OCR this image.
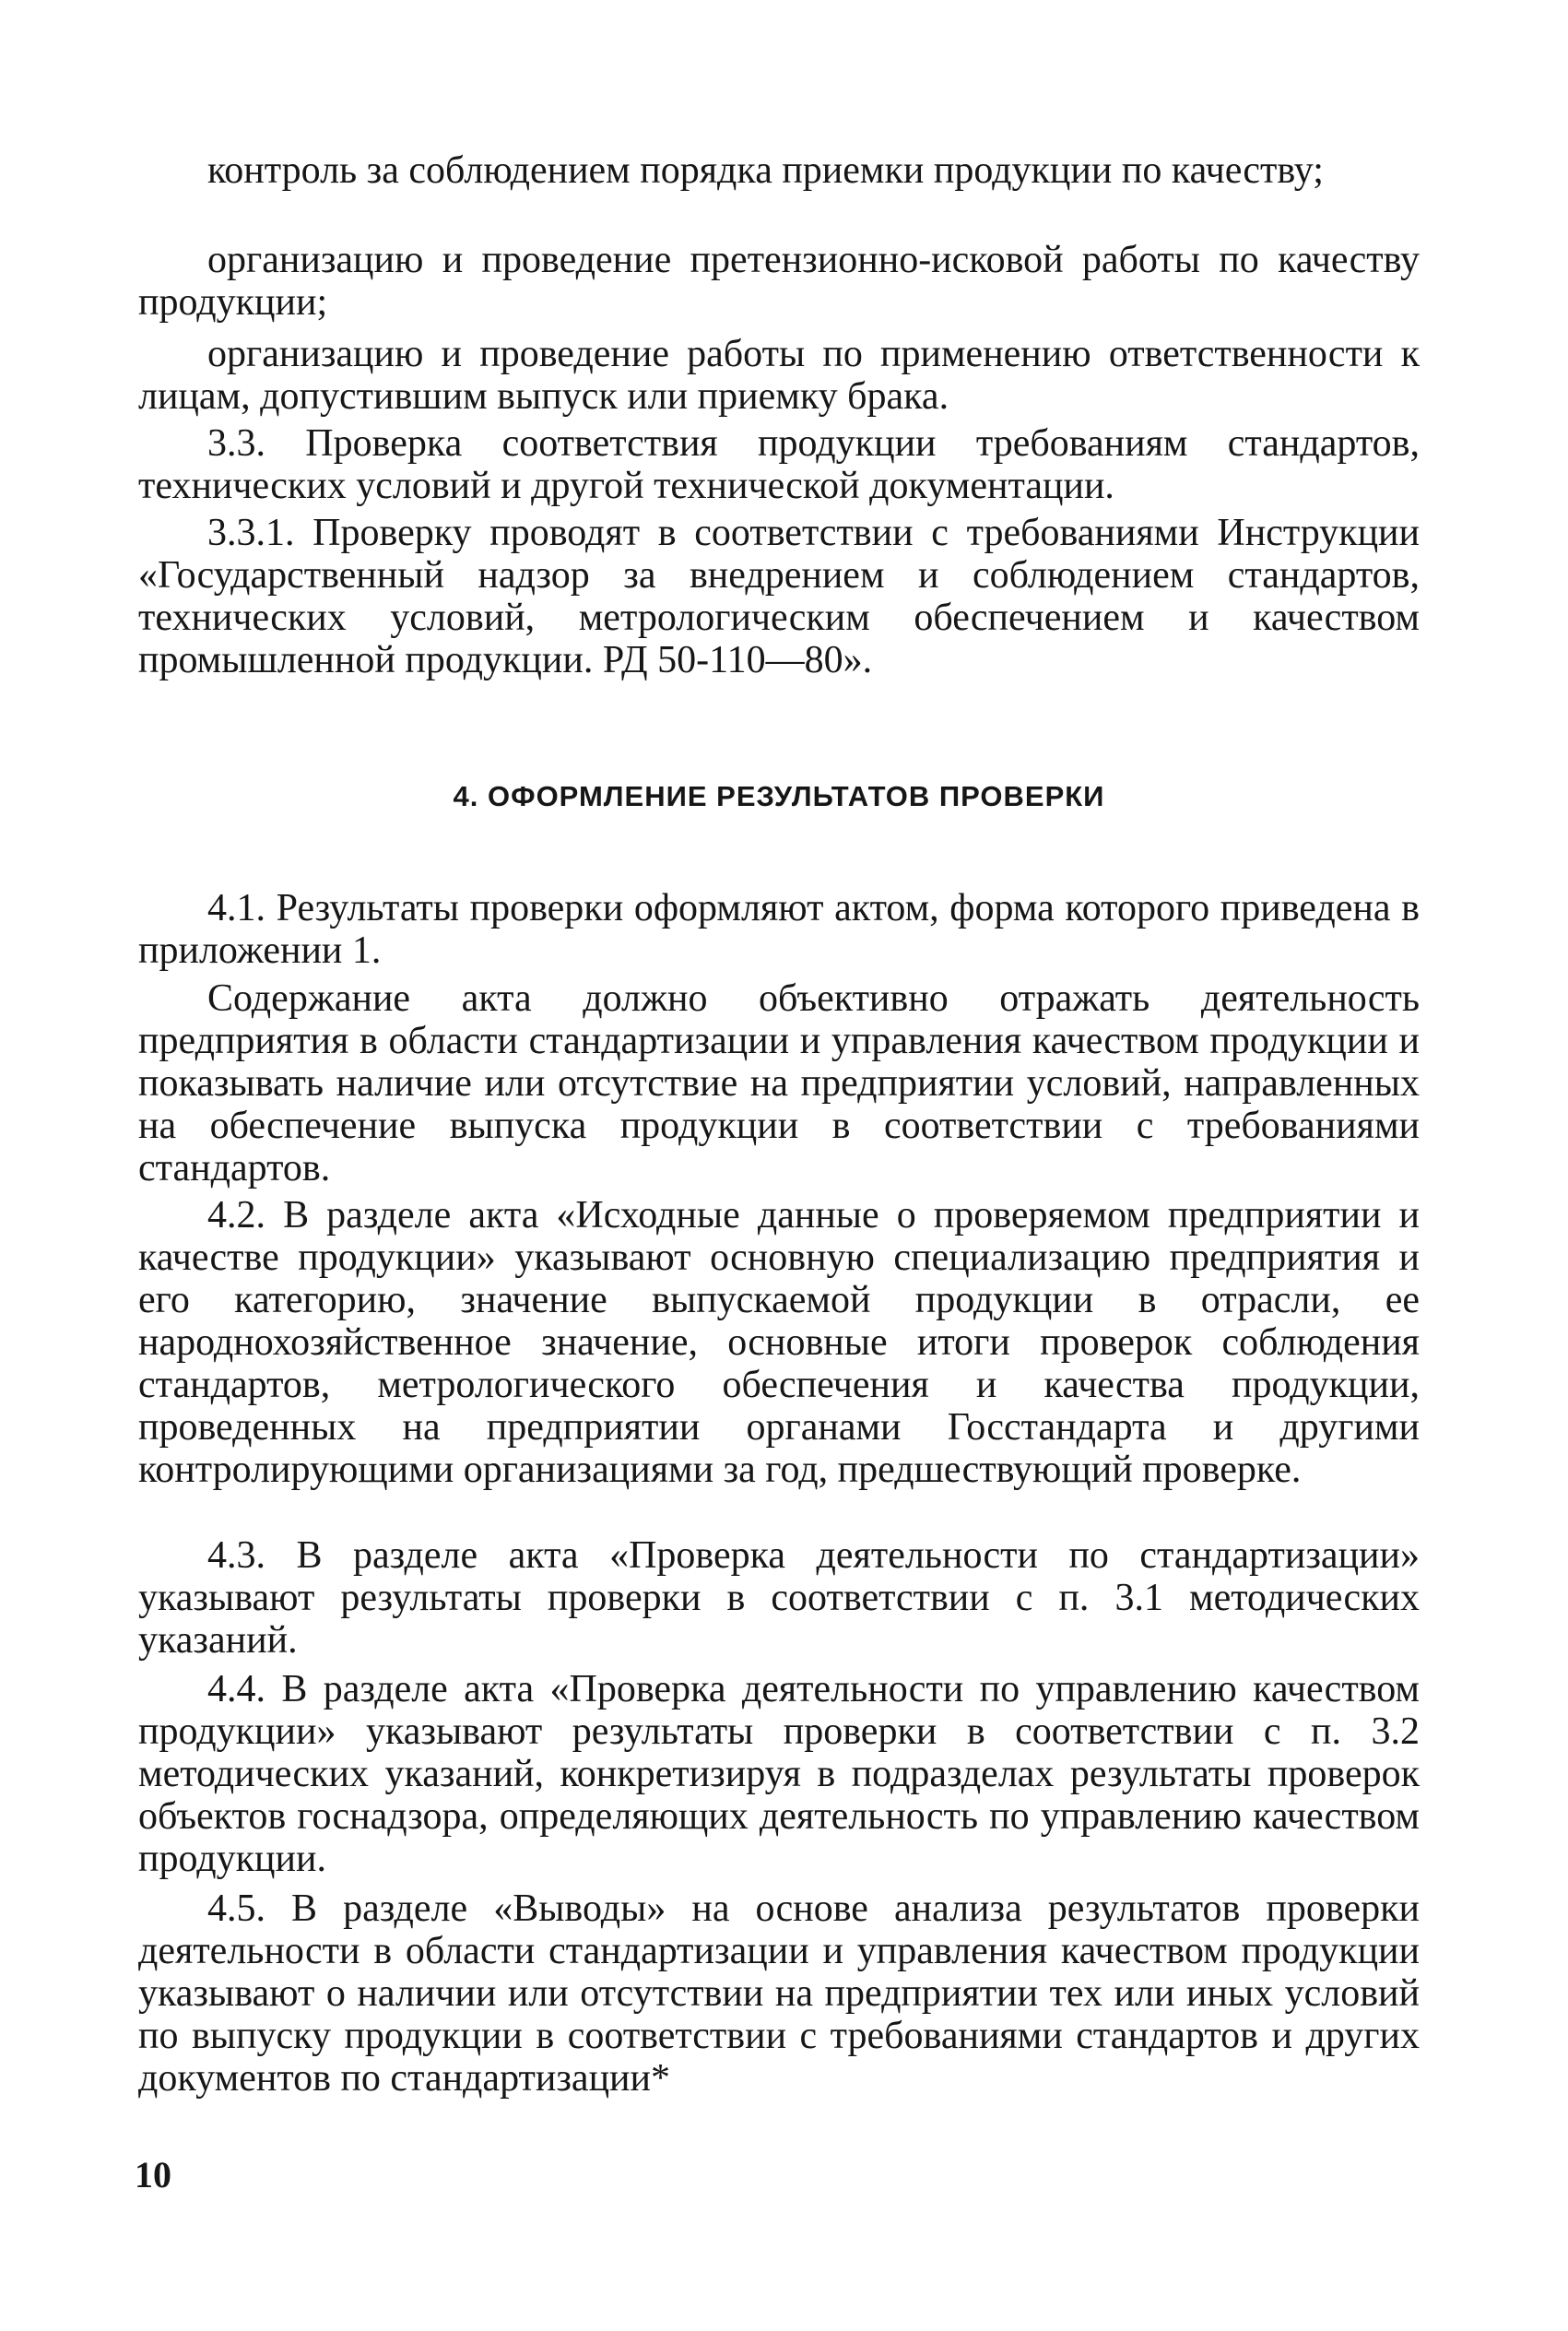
контроль за соблюдением порядка приемки продукции по качеству;

организацию и проведение претензионно-исковой работы по качеству продукции;

организацию и проведение работы по применению ответственности к лицам, допустившим выпуск или приемку брака.

3.3. Проверка соответствия продукции требованиям стандартов, технических условий и другой технической документации.

3.3.1. Проверку проводят в соответствии с требованиями Инструкции «Государственный надзор за внедрением и соблюдением стандартов, технических условий, метрологическим обеспечением и качеством промышленной продукции. РД 50-110—80».

4. ОФОРМЛЕНИЕ РЕЗУЛЬТАТОВ ПРОВЕРКИ

4.1. Результаты проверки оформляют актом, форма которого приведена в приложении 1.

Содержание акта должно объективно отражать деятельность предприятия в области стандартизации и управления качеством продукции и показывать наличие или отсутствие на предприятии условий, направленных на обеспечение выпуска продукции в соответствии с требованиями стандартов.

4.2. В разделе акта «Исходные данные о проверяемом предприятии и качестве продукции» указывают основную специализацию предприятия и его категорию, значение выпускаемой продукции в отрасли, ее народнохозяйственное значение, основные итоги проверок соблюдения стандартов, метрологического обеспечения и качества продукции, проведенных на предприятии органами Госстандарта и другими контролирующими организациями за год, предшествующий проверке.

4.3. В разделе акта «Проверка деятельности по стандартизации» указывают результаты проверки в соответствии с п. 3.1 методических указаний.

4.4. В разделе акта «Проверка деятельности по управлению качеством продукции» указывают результаты проверки в соответствии с п. 3.2 методических указаний, конкретизируя в подразделах результаты проверок объектов госнадзора, определяющих деятельность по управлению качеством продукции.

4.5. В разделе «Выводы» на основе анализа результатов проверки деятельности в области стандартизации и управления качеством продукции указывают о наличии или отсутствии на предприятии тех или иных условий по выпуску продукции в соответствии с требованиями стандартов и других документов по стандартизации*

10
